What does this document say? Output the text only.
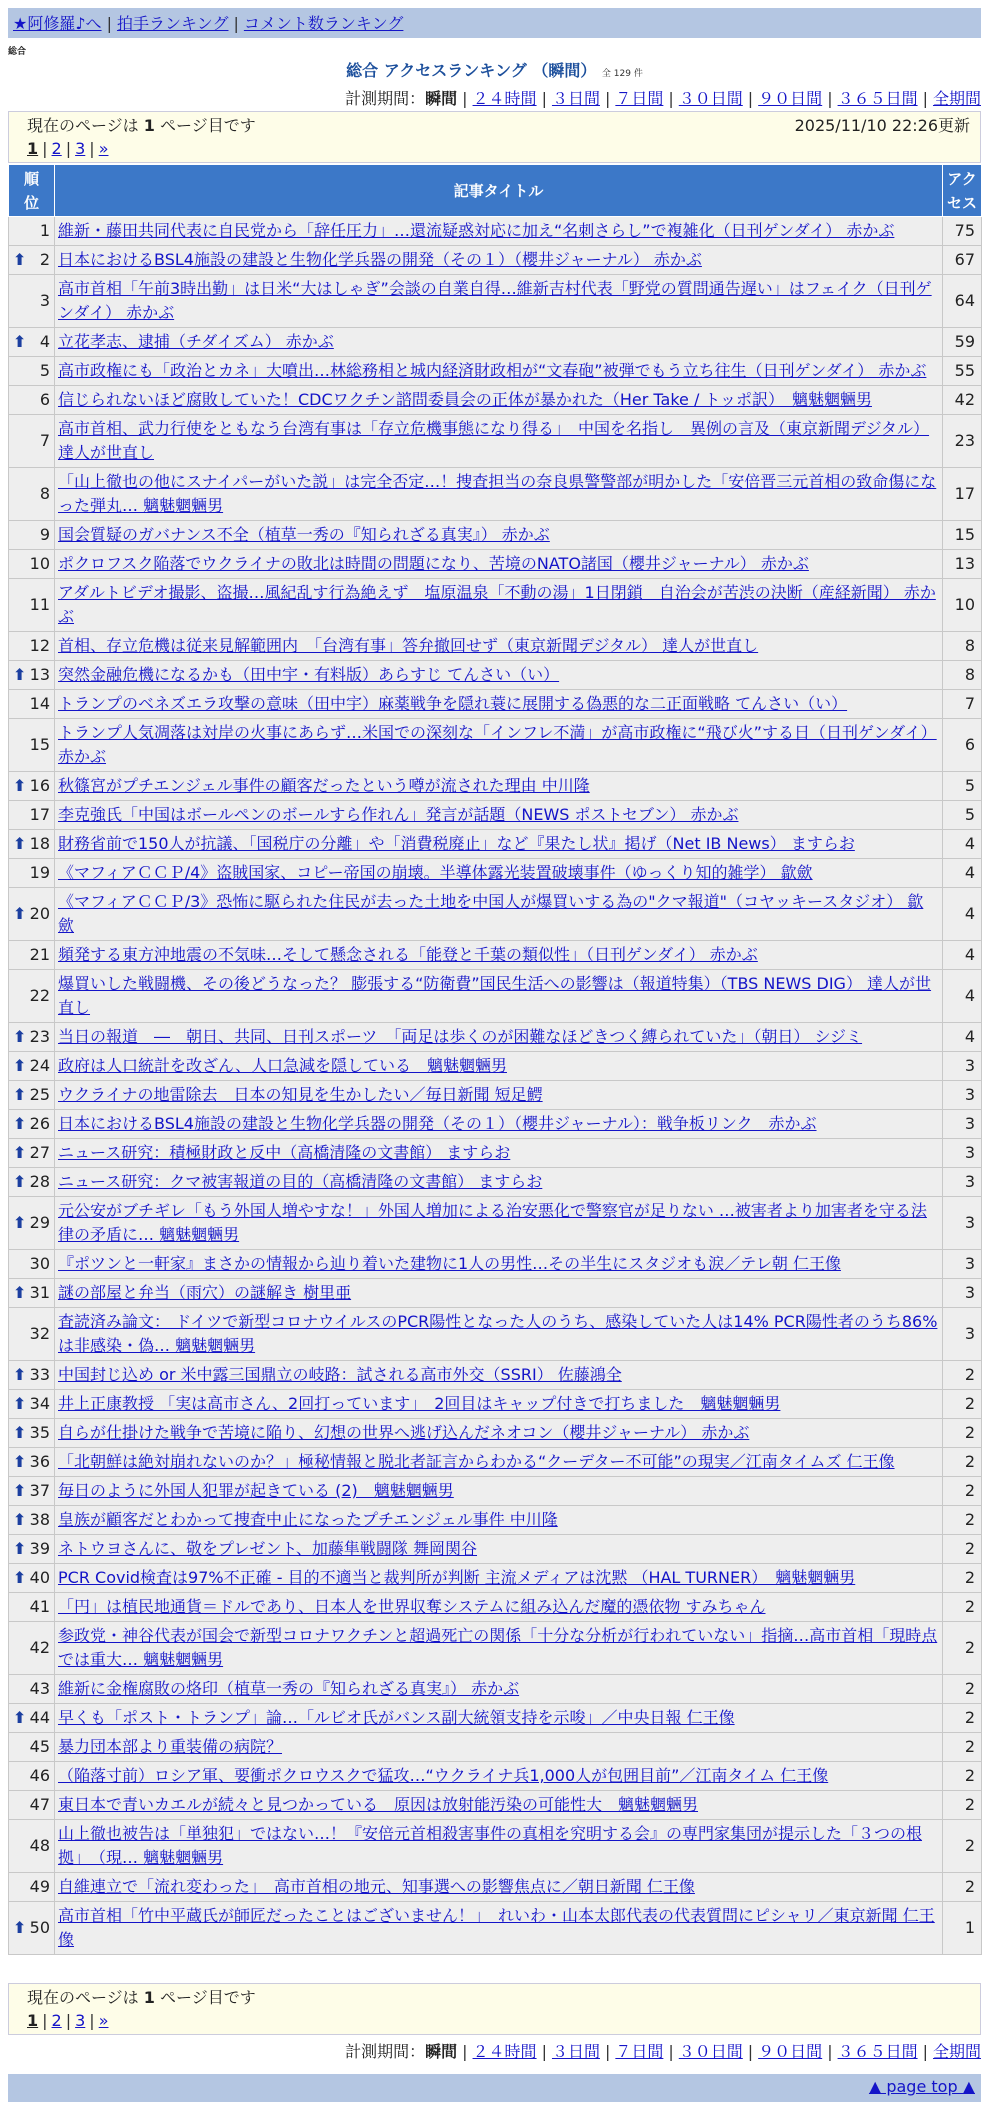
★阿修羅♪へ | 拍手ランキング | コメント数ランキング
総合
総合 アクセスランキング （瞬間） 全 129 件
計測期間：瞬間 | ２４時間 | ３日間 | ７日間 | ３０日間 | ９０日間 | ３６５日間 | 全期間
現在のページは 1 ページ目です	2025/11/10 22:26更新
1 | 2 | 3 | »
順位	記事タイトル	アクセス
1	維新・藤田共同代表に自民党から「辞任圧力」…還流疑惑対応に加え“名刺さらし”で複雑化（日刊ゲンダイ） 赤かぶ	75

⬆ 2	日本におけるBSL4施設の建設と生物化学兵器の開発（その１）（櫻井ジャーナル） 赤かぶ	67
3	高市首相「午前3時出勤」は日米“大はしゃぎ”会談の自業自得…維新吉村代表「野党の質問通告遅い」はフェイク（日刊ゲンダイ） 赤かぶ	64

⬆ 4	立花孝志、逮捕（チダイズム） 赤かぶ	59
5	高市政権にも「政治とカネ」大噴出…林総務相と城内経済財政相が“文春砲”被弾でもう立ち往生（日刊ゲンダイ） 赤かぶ	55
6	信じられないほど腐敗していた！CDCワクチン諮問委員会の正体が暴かれた（Her Take / トッポ訳）　魑魅魍魎男	42
7	高市首相、武力行使をともなう台湾有事は「存立危機事態になり得る」　中国を名指し　異例の言及（東京新聞デジタル） 達人が世直し	23
8	「山上徹也の他にスナイパーがいた説」は完全否定…！捜査担当の奈良県警警部が明かした「安倍晋三元首相の致命傷になった弾丸… 魑魅魍魎男	17
9	国会質疑のガバナンス不全（植草一秀の『知られざる真実』） 赤かぶ	15
10	ポクロフスク陥落でウクライナの敗北は時間の問題になり、苦境のNATO諸国（櫻井ジャーナル） 赤かぶ	13
11	アダルトビデオ撮影、盗撮…風紀乱す行為絶えず　塩原温泉「不動の湯」1日閉鎖　自治会が苦渋の決断（産経新聞） 赤かぶ	10
12	首相、存立危機は従来見解範囲内　「台湾有事」答弁撤回せず（東京新聞デジタル） 達人が世直し	8

⬆ 13	突然金融危機になるかも（田中宇・有料版）あらすじ てんさい（い）	8
14	トランプのベネズエラ攻撃の意味（田中宇）麻薬戦争を隠れ蓑に展開する偽悪的な二正面戦略 てんさい（い）	7
15	トランプ人気凋落は対岸の火事にあらず…米国での深刻な「インフレ不満」が高市政権に“飛び火”する日（日刊ゲンダイ） 赤かぶ	6

⬆ 16	秋篠宮がプチエンジェル事件の顧客だったという噂が流された理由 中川隆	5
17	李克強氏「中国はボールペンのボールすら作れん」発言が話題（NEWS ポストセブン） 赤かぶ	5

⬆ 18	財務省前で150人が抗議、「国税庁の分離」や「消費税廃止」など『果たし状』掲げ（Net IB News） ますらお	4
19	《マフィアＣＣＰ/4》盗賊国家、コピー帝国の崩壊。半導体露光装置破壊事件（ゆっくり知的雑学） 歙歛	4

⬆ 20	《マフィアＣＣＰ/3》恐怖に駆られた住民が去った土地を中国人が爆買いする為の"クマ報道"（コヤッキースタジオ） 歙歛	4
21	頻発する東方沖地震の不気味…そして懸念される「能登と千葉の類似性」（日刊ゲンダイ） 赤かぶ	4
22	爆買いした戦闘機、その後どうなった？ 膨張する“防衛費”国民生活への影響は（報道特集）（TBS NEWS DIG） 達人が世直し	4

⬆ 23	当日の報道　―　朝日、共同、日刊スポーツ　「両足は歩くのが困難なほどきつく縛られていた」（朝日） シジミ	4

⬆ 24	政府は人口統計を改ざん、人口急減を隠している　魑魅魍魎男	3

⬆ 25	ウクライナの地雷除去　日本の知見を生かしたい／毎日新聞 短足鰐	3

⬆ 26	日本におけるBSL4施設の建設と生物化学兵器の開発（その１）（櫻井ジャーナル）：戦争板リンク　赤かぶ	3

⬆ 27	ニュース研究：積極財政と反中（高橋清隆の文書館） ますらお	3

⬆ 28	ニュース研究：クマ被害報道の目的（高橋清隆の文書館） ますらお	3

⬆ 29	元公安がブチギレ「もう外国人増やすな！」外国人増加による治安悪化で警察官が足りない …被害者より加害者を守る法律の矛盾に… 魑魅魍魎男	3
30	『ポツンと一軒家』まさかの情報から辿り着いた建物に1人の男性…その半生にスタジオも涙／テレ朝 仁王像	3

⬆ 31	謎の部屋と弁当（雨穴）の謎解き 樹里亜	3
32	査読済み論文： ドイツで新型コロナウイルスのPCR陽性となった人のうち、感染していた人は14% PCR陽性者のうち86%は非感染・偽… 魑魅魍魎男	3

⬆ 33	中国封じ込め or 米中露三国鼎立の岐路：試される高市外交（SSRI） 佐藤鴻全	2

⬆ 34	井上正康教授 「実は高市さん、2回打っています」　2回目はキャップ付きで打ちました　魑魅魍魎男	2

⬆ 35	自らが仕掛けた戦争で苦境に陥り、幻想の世界へ逃げ込んだネオコン（櫻井ジャーナル） 赤かぶ	2

⬆ 36	「北朝鮮は絶対崩れないのか？」極秘情報と脱北者証言からわかる“クーデター不可能”の現実／江南タイムズ 仁王像	2

⬆ 37	毎日のように外国人犯罪が起きている (2)　魑魅魍魎男	2

⬆ 38	皇族が顧客だとわかって捜査中止になったプチエンジェル事件 中川隆	2

⬆ 39	ネトウヨさんに、敬をプレゼント、加藤隼戦闘隊 舞岡関谷	2

⬆ 40	PCR Covid検査は97%不正確 - 目的不適当と裁判所が判断 主流メディアは沈黙 （HAL TURNER）　魑魅魍魎男	2
41	「円」は植民地通貨＝ドルであり、日本人を世界収奪システムに組み込んだ魔的憑依物 すみちゃん	2
42	参政党・神谷代表が国会で新型コロナワクチンと超過死亡の関係「十分な分析が行われていない」指摘…高市首相「現時点では重大… 魑魅魍魎男	2
43	維新に金権腐敗の烙印（植草一秀の『知られざる真実』） 赤かぶ	2

⬆ 44	早くも「ポスト・トランプ」論…「ルビオ氏がバンス副大統領支持を示唆」／中央日報 仁王像	2
45	暴力団本部より重装備の病院？	2
46	（陥落寸前）ロシア軍、要衝ポクロウスクで猛攻…“ウクライナ兵1,000人が包囲目前”／江南タイム 仁王像	2
47	東日本で青いカエルが続々と見つかっている　原因は放射能汚染の可能性大　魑魅魍魎男	2
48	山上徹也被告は「単独犯」ではない…！『安倍元首相殺害事件の真相を究明する会』の専門家集団が提示した「３つの根拠」　（現… 魑魅魍魎男	2
49	自維連立で「流れ変わった」　高市首相の地元、知事選への影響焦点に／朝日新聞 仁王像	2

⬆ 50	高市首相「竹中平蔵氏が師匠だったことはございません！」　れいわ・山本太郎代表の代表質問にピシャリ／東京新聞 仁王像	1
現在のページは 1 ページ目です
1 | 2 | 3 | »
計測期間：瞬間 | ２４時間 | ３日間 | ７日間 | ３０日間 | ９０日間 | ３６５日間 | 全期間
▲ page top ▲
